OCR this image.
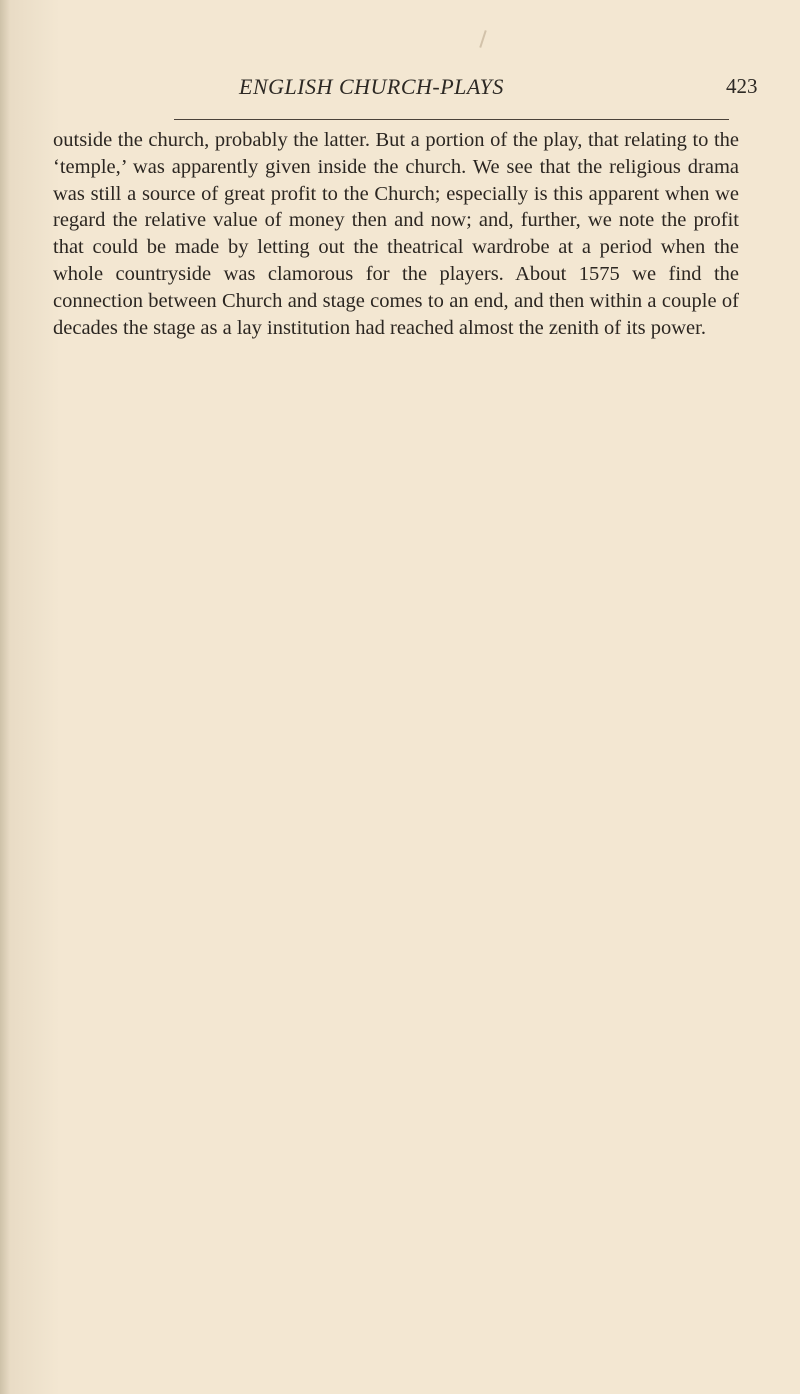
ENGLISH CHURCH-PLAYS	423

outside the church, probably the latter. But a portion of the play, that relating to the ‘temple,’ was apparently given inside the church. We see that the religious drama was still a source of great profit to the Church; especially is this apparent when we regard the relative value of money then and now; and, further, we note the profit that could be made by letting out the theatrical wardrobe at a period when the whole countryside was clamorous for the players. About 1575 we find the connection between Church and stage comes to an end, and then within a couple of decades the stage as a lay institution had reached almost the zenith of its power.
